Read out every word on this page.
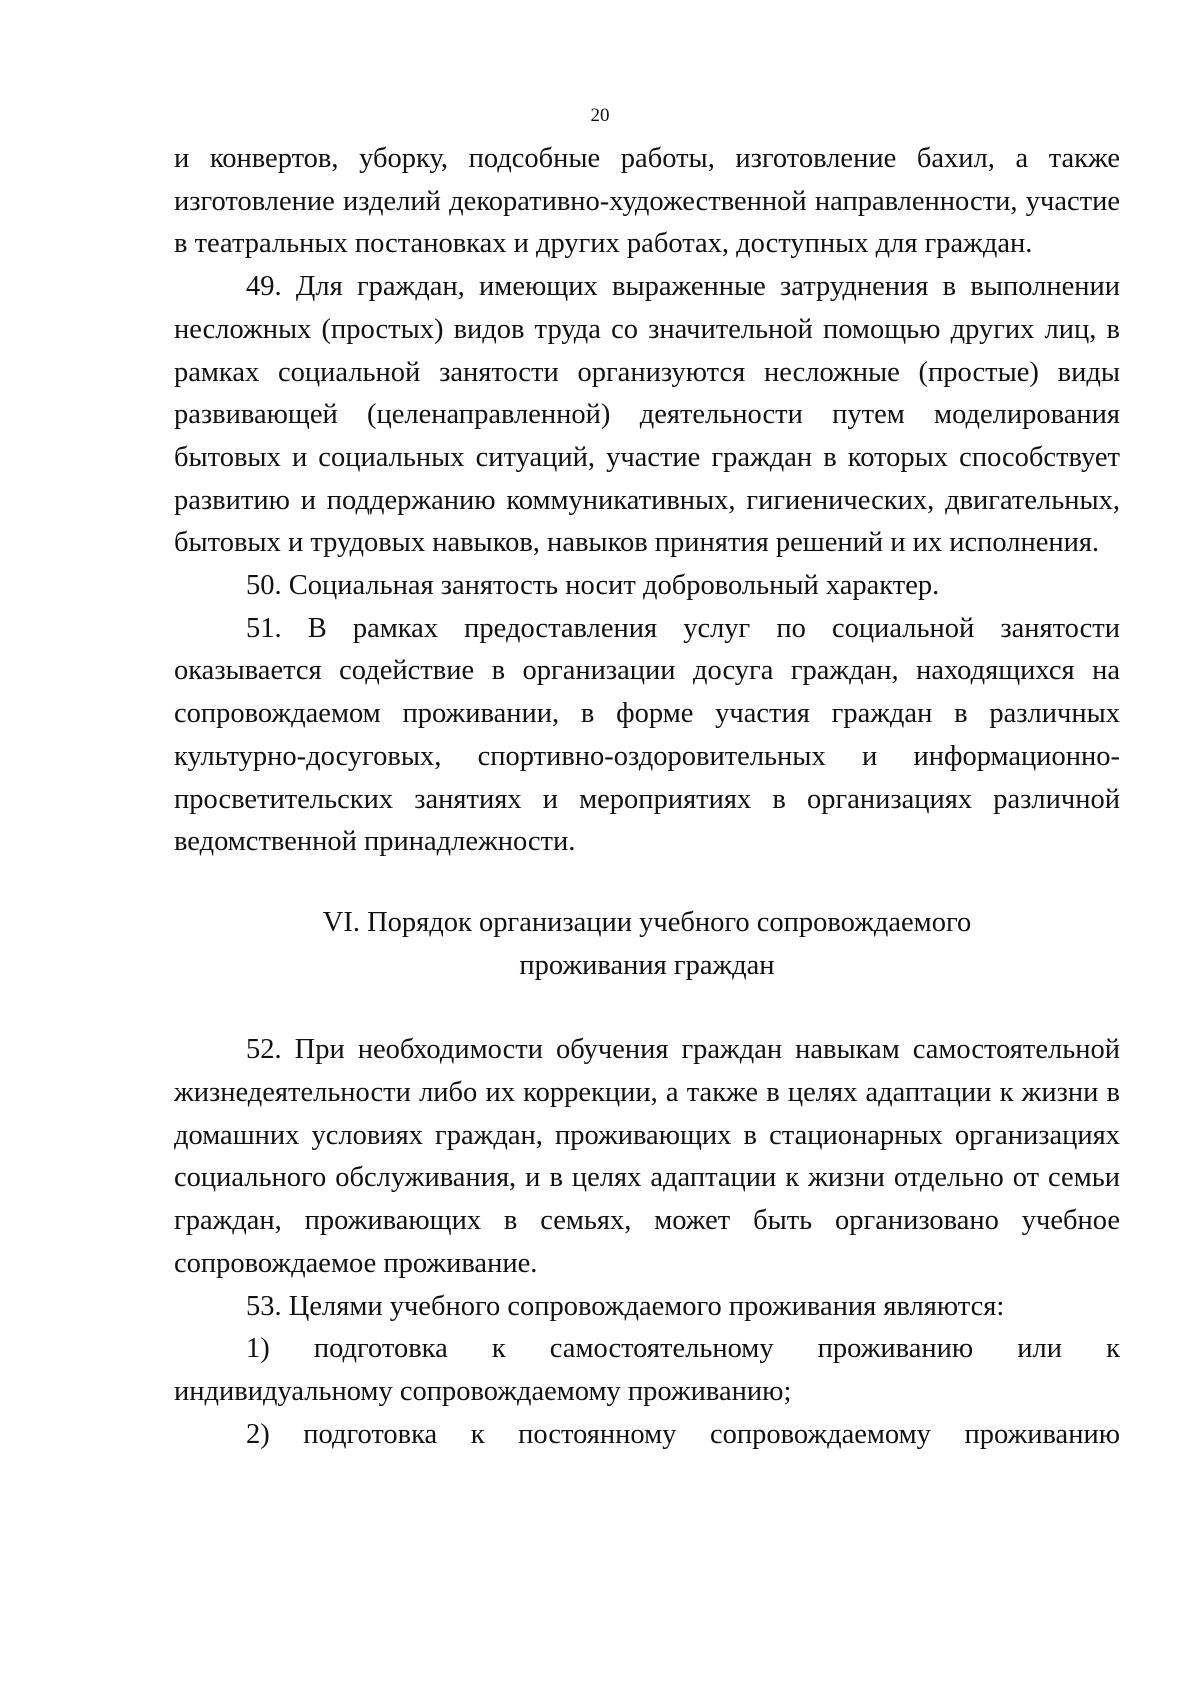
20

и конвертов, уборку, подсобные работы, изготовление бахил, а также изготовление изделий декоративно-художественной направленности, участие в театральных постановках и других работах, доступных для граждан.

49. Для граждан, имеющих выраженные затруднения в выполнении несложных (простых) видов труда со значительной помощью других лиц, в рамках социальной занятости организуются несложные (простые) виды развивающей (целенаправленной) деятельности путем моделирования бытовых и социальных ситуаций, участие граждан в которых способствует развитию и поддержанию коммуникативных, гигиенических, двигательных, бытовых и трудовых навыков, навыков принятия решений и их исполнения.

50. Социальная занятость носит добровольный характер.

51. В рамках предоставления услуг по социальной занятости оказывается содействие в организации досуга граждан, находящихся на сопровождаемом проживании, в форме участия граждан в различных культурно-досуговых, спортивно-оздоровительных и информационно-просветительских занятиях и мероприятиях в организациях различной ведомственной принадлежности.

VI. Порядок организации учебного сопровождаемого
проживания граждан

52. При необходимости обучения граждан навыкам самостоятельной жизнедеятельности либо их коррекции, а также в целях адаптации к жизни в домашних условиях граждан, проживающих в стационарных организациях социального обслуживания, и в целях адаптации к жизни отдельно от семьи граждан, проживающих в семьях, может быть организовано учебное сопровождаемое проживание.

53. Целями учебного сопровождаемого проживания являются:

1) подготовка к самостоятельному проживанию или к индивидуальному сопровождаемому проживанию;

2) подготовка к постоянному сопровождаемому проживанию
